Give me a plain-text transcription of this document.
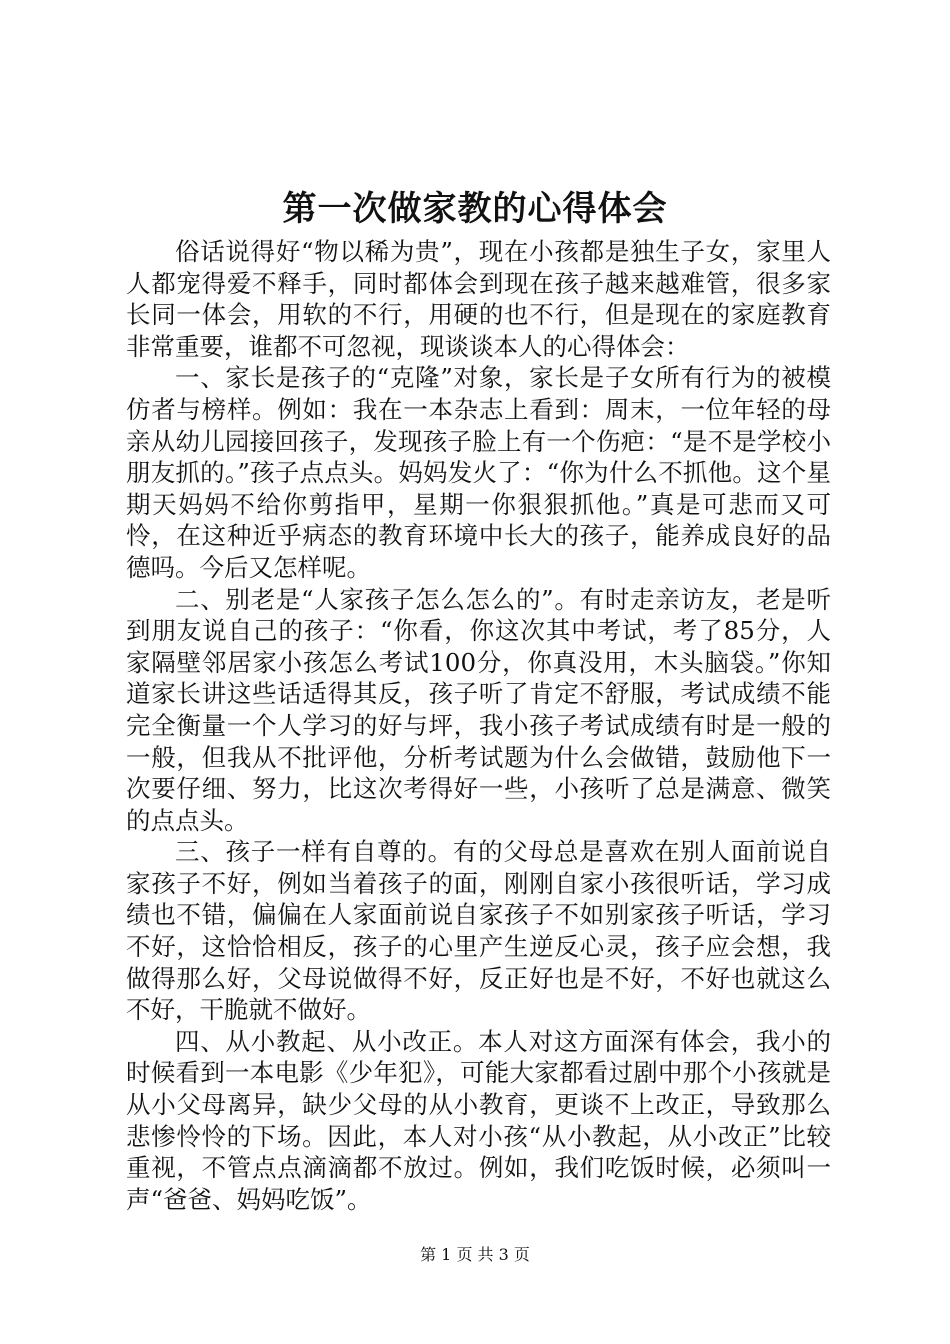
第一次做家教的心得体会

俗话说得好“物以稀为贵”，现在小孩都是独生子女，家里人人都宠得爱不释手，同时都体会到现在孩子越来越难管，很多家长同一体会，用软的不行，用硬的也不行，但是现在的家庭教育非常重要，谁都不可忽视，现谈谈本人的心得体会：

一、家长是孩子的“克隆”对象，家长是子女所有行为的被模仿者与榜样。例如：我在一本杂志上看到：周末，一位年轻的母亲从幼儿园接回孩子，发现孩子脸上有一个伤疤：“是不是学校小朋友抓的。”孩子点点头。妈妈发火了：“你为什么不抓他。这个星期天妈妈不给你剪指甲，星期一你狠狠抓他。”真是可悲而又可怜，在这种近乎病态的教育环境中长大的孩子，能养成良好的品德吗。今后又怎样呢。

二、别老是“人家孩子怎么怎么的”。有时走亲访友，老是听到朋友说自己的孩子：“你看，你这次其中考试，考了85分，人家隔壁邻居家小孩怎么考试100分，你真没用，木头脑袋。”你知道家长讲这些话适得其反，孩子听了肯定不舒服，考试成绩不能完全衡量一个人学习的好与坪，我小孩子考试成绩有时是一般的一般，但我从不批评他，分析考试题为什么会做错，鼓励他下一次要仔细、努力，比这次考得好一些，小孩听了总是满意、微笑的点点头。

三、孩子一样有自尊的。有的父母总是喜欢在别人面前说自家孩子不好，例如当着孩子的面，刚刚自家小孩很听话，学习成绩也不错，偏偏在人家面前说自家孩子不如别家孩子听话，学习不好，这恰恰相反，孩子的心里产生逆反心灵，孩子应会想，我做得那么好，父母说做得不好，反正好也是不好，不好也就这么不好，干脆就不做好。

四、从小教起、从小改正。本人对这方面深有体会，我小的时候看到一本电影《少年犯》，可能大家都看过剧中那个小孩就是从小父母离异，缺少父母的从小教育，更谈不上改正，导致那么悲惨怜怜的下场。因此，本人对小孩“从小教起，从小改正”比较重视，不管点点滴滴都不放过。例如，我们吃饭时候，必须叫一声“爸爸、妈妈吃饭”。

第 1 页 共 3 页
